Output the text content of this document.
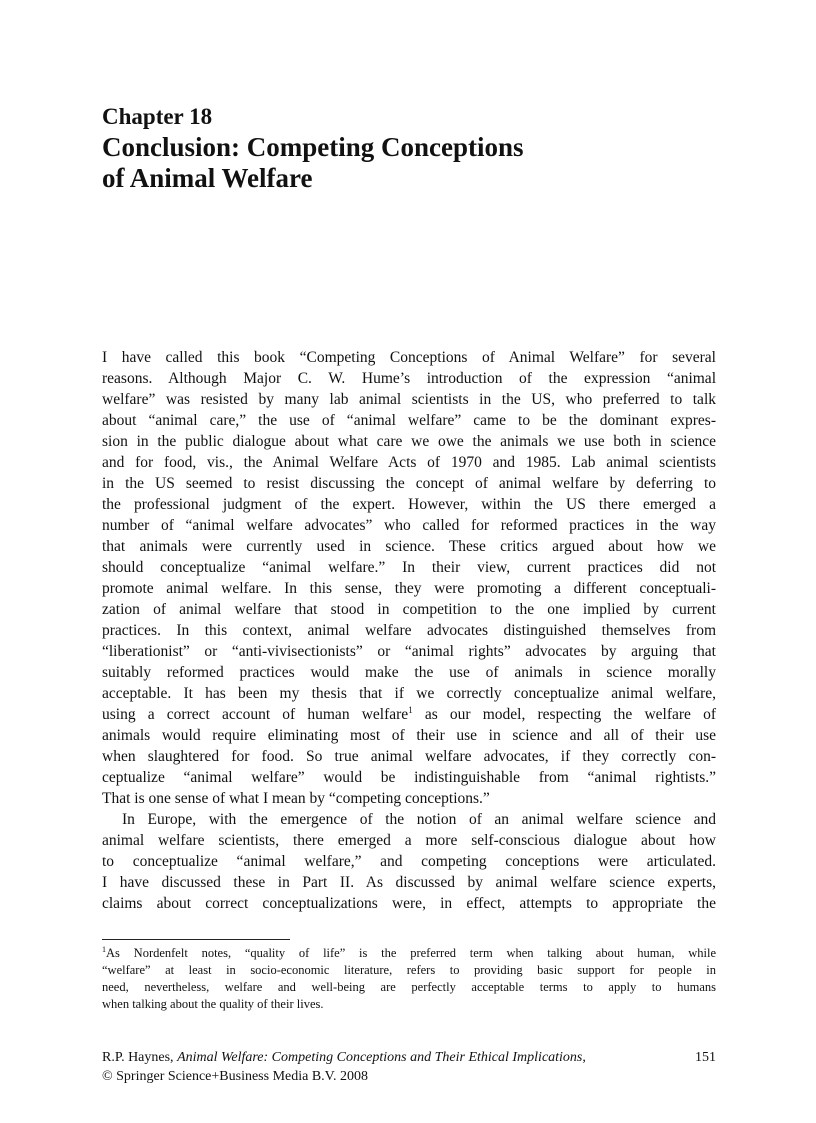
Chapter 18
Conclusion: Competing Conceptions
of Animal Welfare

I have called this book “Competing Conceptions of Animal Welfare” for several
reasons. Although Major C. W. Hume’s introduction of the expression “animal
welfare” was resisted by many lab animal scientists in the US, who preferred to talk
about “animal care,” the use of “animal welfare” came to be the dominant expres-
sion in the public dialogue about what care we owe the animals we use both in science
and for food, vis., the Animal Welfare Acts of 1970 and 1985. Lab animal scientists
in the US seemed to resist discussing the concept of animal welfare by deferring to
the professional judgment of the expert. However, within the US there emerged a
number of “animal welfare advocates” who called for reformed practices in the way
that animals were currently used in science. These critics argued about how we
should conceptualize “animal welfare.” In their view, current practices did not
promote animal welfare. In this sense, they were promoting a different conceptuali-
zation of animal welfare that stood in competition to the one implied by current
practices. In this context, animal welfare advocates distinguished themselves from
“liberationist” or “anti-vivisectionists” or “animal rights” advocates by arguing that
suitably reformed practices would make the use of animals in science morally
acceptable. It has been my thesis that if we correctly conceptualize animal welfare,
using a correct account of human welfare$^1$ as our model, respecting the welfare of
animals would require eliminating most of their use in science and all of their use
when slaughtered for food. So true animal welfare advocates, if they correctly con-
ceptualize “animal welfare” would be indistinguishable from “animal rightists.”
That is one sense of what I mean by “competing conceptions.”

In Europe, with the emergence of the notion of an animal welfare science and
animal welfare scientists, there emerged a more self-conscious dialogue about how
to conceptualize “animal welfare,” and competing conceptions were articulated.
I have discussed these in Part II. As discussed by animal welfare science experts,
claims about correct conceptualizations were, in effect, attempts to appropriate the

$^1$As Nordenfelt notes, “quality of life” is the preferred term when talking about human, while
“welfare” at least in socio-economic literature, refers to providing basic support for people in
need, nevertheless, welfare and well-being are perfectly acceptable terms to apply to humans
when talking about the quality of their lives.
R.P. Haynes, Animal Welfare: Competing Conceptions and Their Ethical Implications,	151
© Springer Science+Business Media B.V. 2008
